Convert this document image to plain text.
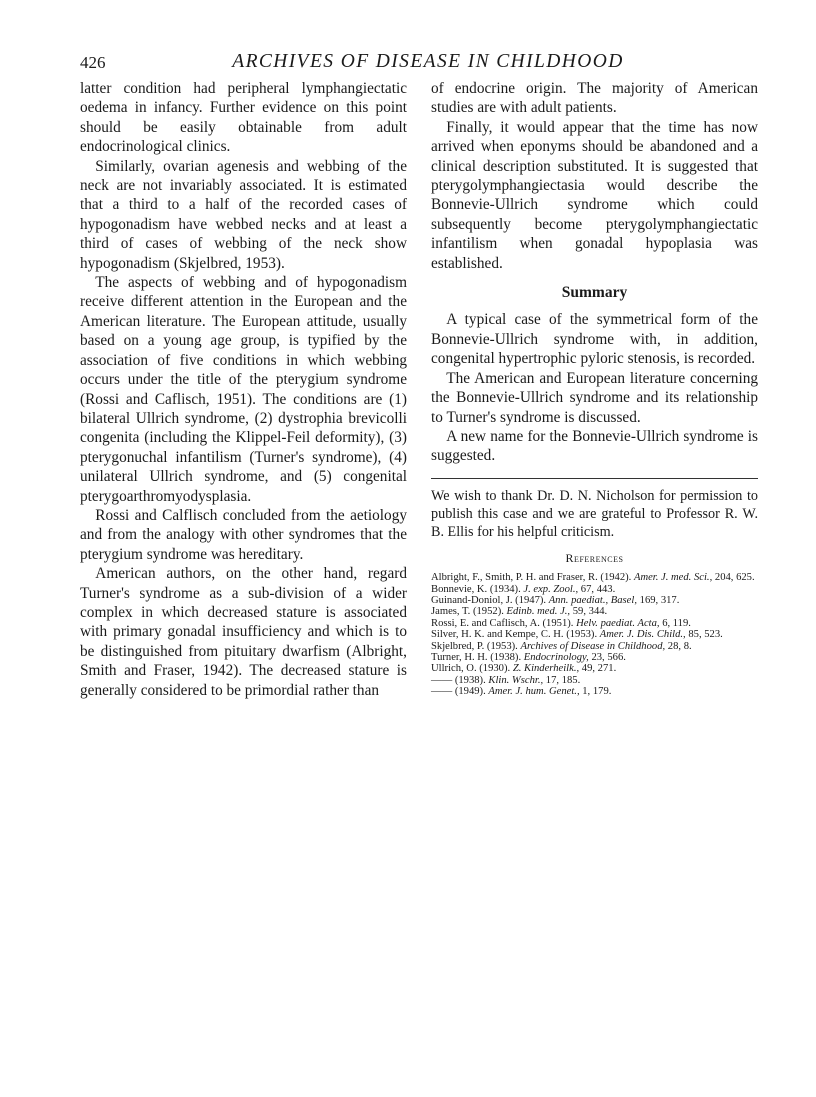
426	ARCHIVES OF DISEASE IN CHILDHOOD

latter condition had peripheral lymphangiectatic oedema in infancy. Further evidence on this point should be easily obtainable from adult endocrinological clinics.

Similarly, ovarian agenesis and webbing of the neck are not invariably associated. It is estimated that a third to a half of the recorded cases of hypogonadism have webbed necks and at least a third of cases of webbing of the neck show hypogonadism (Skjelbred, 1953).

The aspects of webbing and of hypogonadism receive different attention in the European and the American literature. The European attitude, usually based on a young age group, is typified by the association of five conditions in which webbing occurs under the title of the pterygium syndrome (Rossi and Caflisch, 1951). The conditions are (1) bilateral Ullrich syndrome, (2) dystrophia brevicolli congenita (including the Klippel-Feil deformity), (3) pterygonuchal infantilism (Turner's syndrome), (4) unilateral Ullrich syndrome, and (5) congenital pterygoarthromyodysplasia.

Rossi and Calflisch concluded from the aetiology and from the analogy with other syndromes that the pterygium syndrome was hereditary.

American authors, on the other hand, regard Turner's syndrome as a sub-division of a wider complex in which decreased stature is associated with primary gonadal insufficiency and which is to be distinguished from pituitary dwarfism (Albright, Smith and Fraser, 1942). The decreased stature is generally considered to be primordial rather than

of endocrine origin. The majority of American studies are with adult patients.

Finally, it would appear that the time has now arrived when eponyms should be abandoned and a clinical description substituted. It is suggested that pterygolymphangiectasia would describe the Bonnevie-Ullrich syndrome which could subsequently become pterygolymphangiectatic infantilism when gonadal hypoplasia was established.

Summary

A typical case of the symmetrical form of the Bonnevie-Ullrich syndrome with, in addition, congenital hypertrophic pyloric stenosis, is recorded.

The American and European literature concerning the Bonnevie-Ullrich syndrome and its relationship to Turner's syndrome is discussed.

A new name for the Bonnevie-Ullrich syndrome is suggested.

We wish to thank Dr. D. N. Nicholson for permission to publish this case and we are grateful to Professor R. W. B. Ellis for his helpful criticism.

References
Albright, F., Smith, P. H. and Fraser, R. (1942). Amer. J. med. Sci., 204, 625.
Bonnevie, K. (1934). J. exp. Zool., 67, 443.
Guinand-Doniol, J. (1947). Ann. paediat., Basel, 169, 317.
James, T. (1952). Edinb. med. J., 59, 344.
Rossi, E. and Caflisch, A. (1951). Helv. paediat. Acta, 6, 119.
Silver, H. K. and Kempe, C. H. (1953). Amer. J. Dis. Child., 85, 523.
Skjelbred, P. (1953). Archives of Disease in Childhood, 28, 8.
Turner, H. H. (1938). Endocrinology, 23, 566.
Ullrich, O. (1930). Z. Kinderheilk., 49, 271.
—— (1938). Klin. Wschr., 17, 185.
—— (1949). Amer. J. hum. Genet., 1, 179.
